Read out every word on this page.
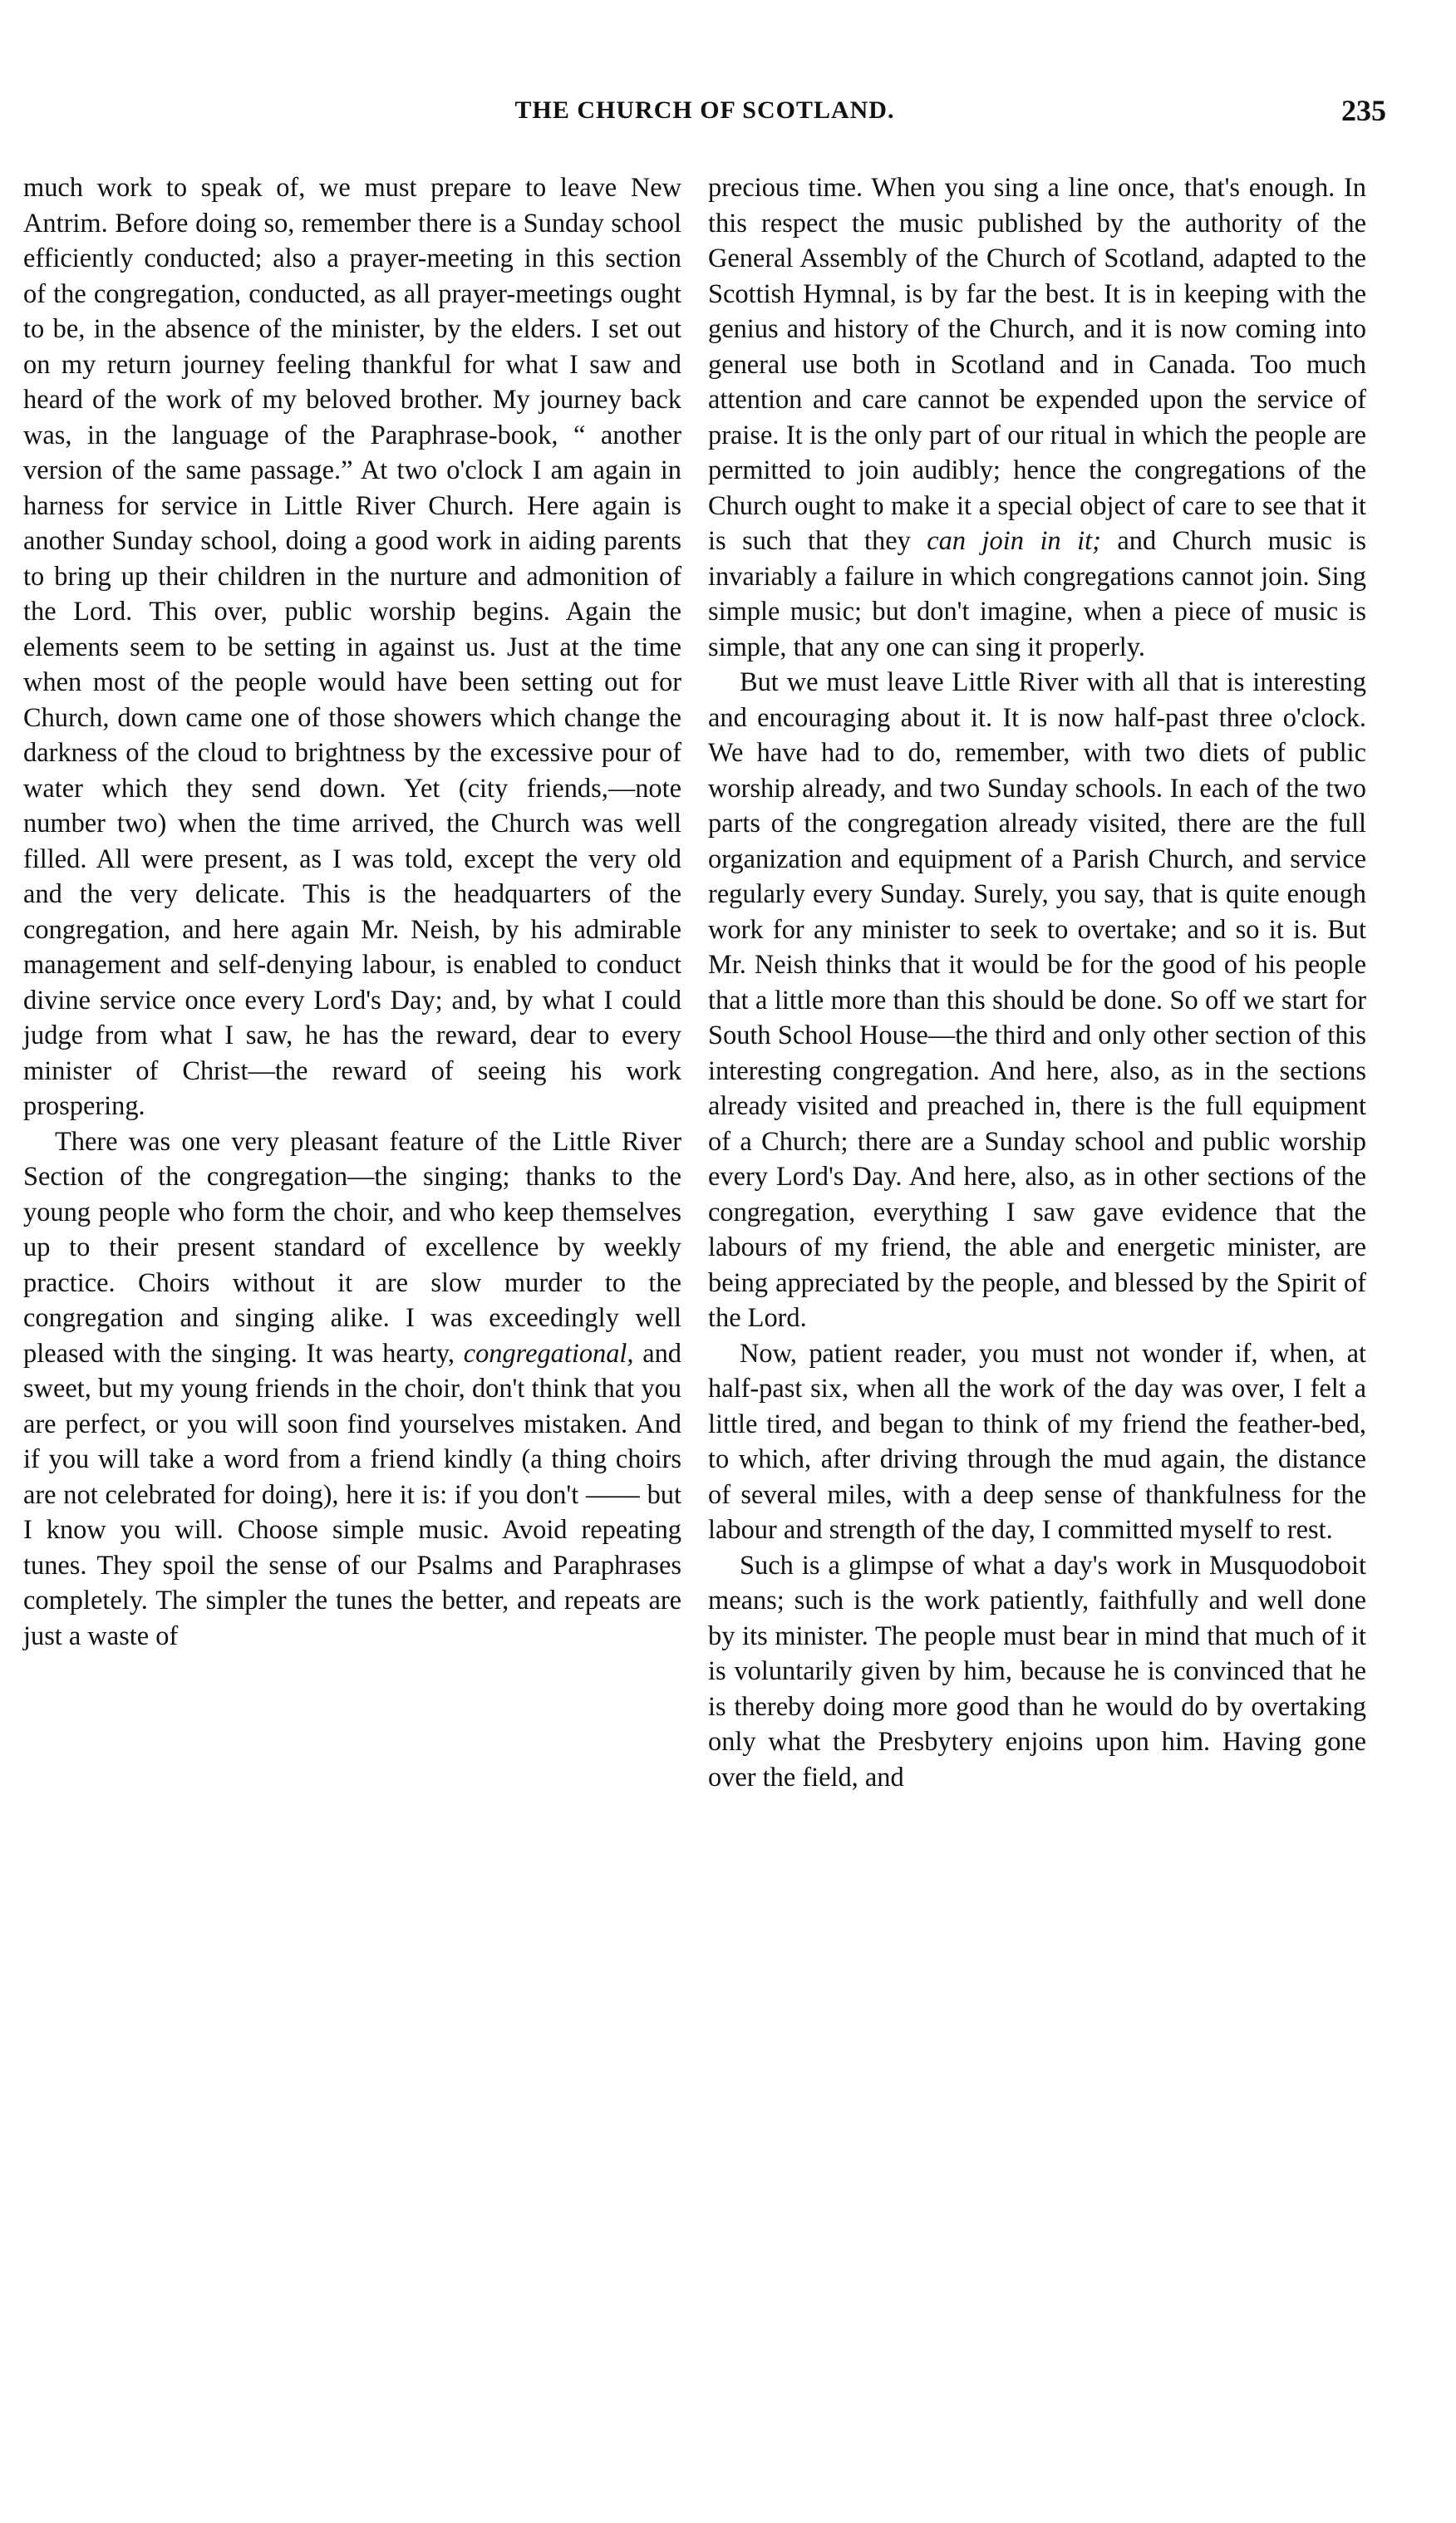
THE CHURCH OF SCOTLAND.	235

much work to speak of, we must prepare to leave New Antrim. Before doing so, remember there is a Sunday school efficiently conducted; also a prayer-meeting in this section of the congregation, conducted, as all prayer-meetings ought to be, in the absence of the minister, by the elders. I set out on my return journey feeling thankful for what I saw and heard of the work of my beloved brother. My journey back was, in the language of the Paraphrase-book, “ another version of the same passage.” At two o'clock I am again in harness for service in Little River Church. Here again is another Sunday school, doing a good work in aiding parents to bring up their children in the nurture and admonition of the Lord. This over, public worship begins. Again the elements seem to be setting in against us. Just at the time when most of the people would have been setting out for Church, down came one of those showers which change the darkness of the cloud to brightness by the excessive pour of water which they send down. Yet (city friends,—note number two) when the time arrived, the Church was well filled. All were present, as I was told, except the very old and the very delicate. This is the headquarters of the congregation, and here again Mr. Neish, by his admirable management and self-denying labour, is enabled to conduct divine service once every Lord's Day; and, by what I could judge from what I saw, he has the reward, dear to every minister of Christ—the reward of seeing his work prospering.

There was one very pleasant feature of the Little River Section of the congregation—the singing; thanks to the young people who form the choir, and who keep themselves up to their present standard of excellence by weekly practice. Choirs without it are slow murder to the congregation and singing alike. I was exceedingly well pleased with the singing. It was hearty, congregational, and sweet, but my young friends in the choir, don't think that you are perfect, or you will soon find yourselves mistaken. And if you will take a word from a friend kindly (a thing choirs are not celebrated for doing), here it is: if you don't —— but I know you will. Choose simple music. Avoid repeating tunes. They spoil the sense of our Psalms and Paraphrases completely. The simpler the tunes the better, and repeats are just a waste of

precious time. When you sing a line once, that's enough. In this respect the music published by the authority of the General Assembly of the Church of Scotland, adapted to the Scottish Hymnal, is by far the best. It is in keeping with the genius and history of the Church, and it is now coming into general use both in Scotland and in Canada. Too much attention and care cannot be expended upon the service of praise. It is the only part of our ritual in which the people are permitted to join audibly; hence the congregations of the Church ought to make it a special object of care to see that it is such that they can join in it; and Church music is invariably a failure in which congregations cannot join. Sing simple music; but don't imagine, when a piece of music is simple, that any one can sing it properly.

But we must leave Little River with all that is interesting and encouraging about it. It is now half-past three o'clock. We have had to do, remember, with two diets of public worship already, and two Sunday schools. In each of the two parts of the congregation already visited, there are the full organization and equipment of a Parish Church, and service regularly every Sunday. Surely, you say, that is quite enough work for any minister to seek to overtake; and so it is. But Mr. Neish thinks that it would be for the good of his people that a little more than this should be done. So off we start for South School House—the third and only other section of this interesting congregation. And here, also, as in the sections already visited and preached in, there is the full equipment of a Church; there are a Sunday school and public worship every Lord's Day. And here, also, as in other sections of the congregation, everything I saw gave evidence that the labours of my friend, the able and energetic minister, are being appreciated by the people, and blessed by the Spirit of the Lord.

Now, patient reader, you must not wonder if, when, at half-past six, when all the work of the day was over, I felt a little tired, and began to think of my friend the feather-bed, to which, after driving through the mud again, the distance of several miles, with a deep sense of thankfulness for the labour and strength of the day, I committed myself to rest.

Such is a glimpse of what a day's work in Musquodoboit means; such is the work patiently, faithfully and well done by its minister. The people must bear in mind that much of it is voluntarily given by him, because he is convinced that he is thereby doing more good than he would do by overtaking only what the Presbytery enjoins upon him. Having gone over the field, and
